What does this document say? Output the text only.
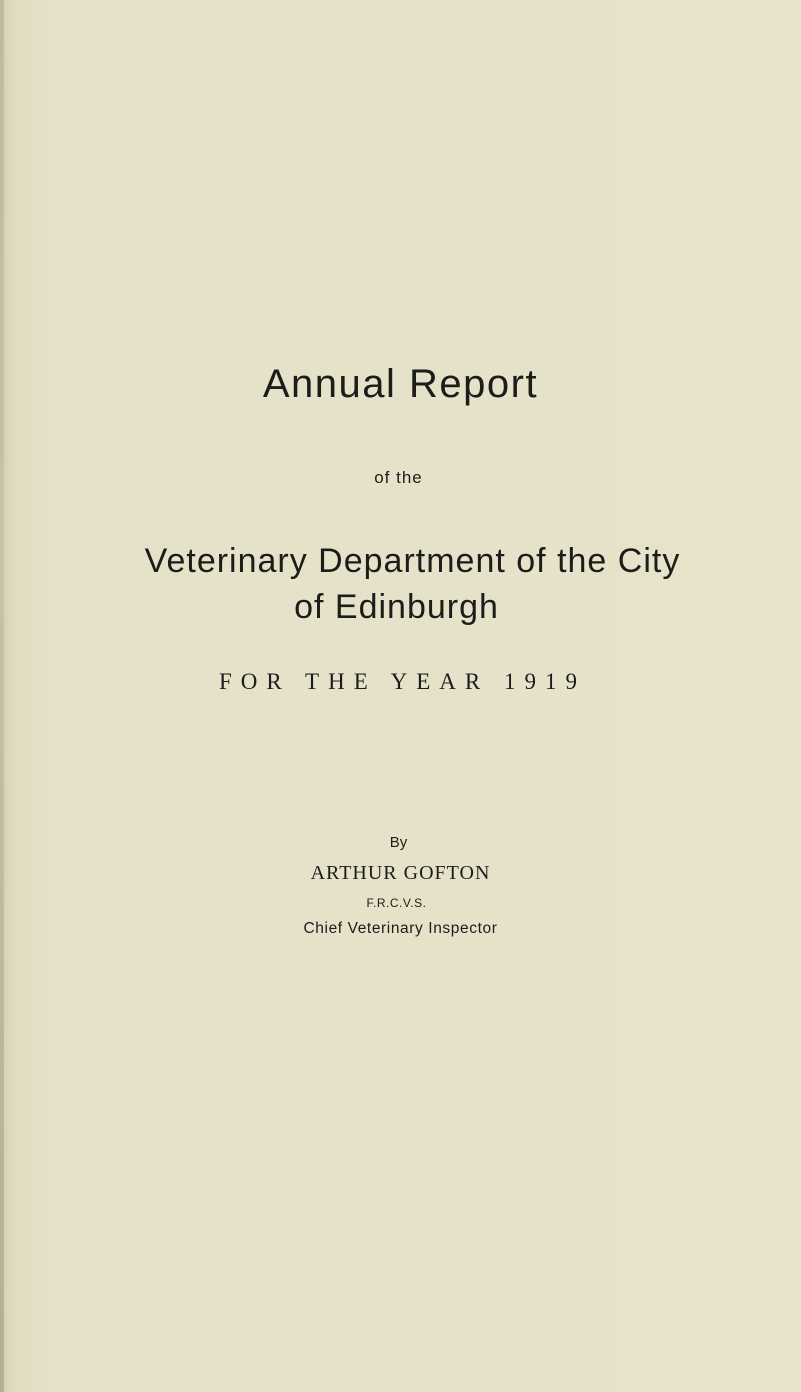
Annual Report
of the
Veterinary Department of the City
of Edinburgh
FOR THE YEAR 1919
By
ARTHUR GOFTON
F.R.C.V.S.
Chief Veterinary Inspector
